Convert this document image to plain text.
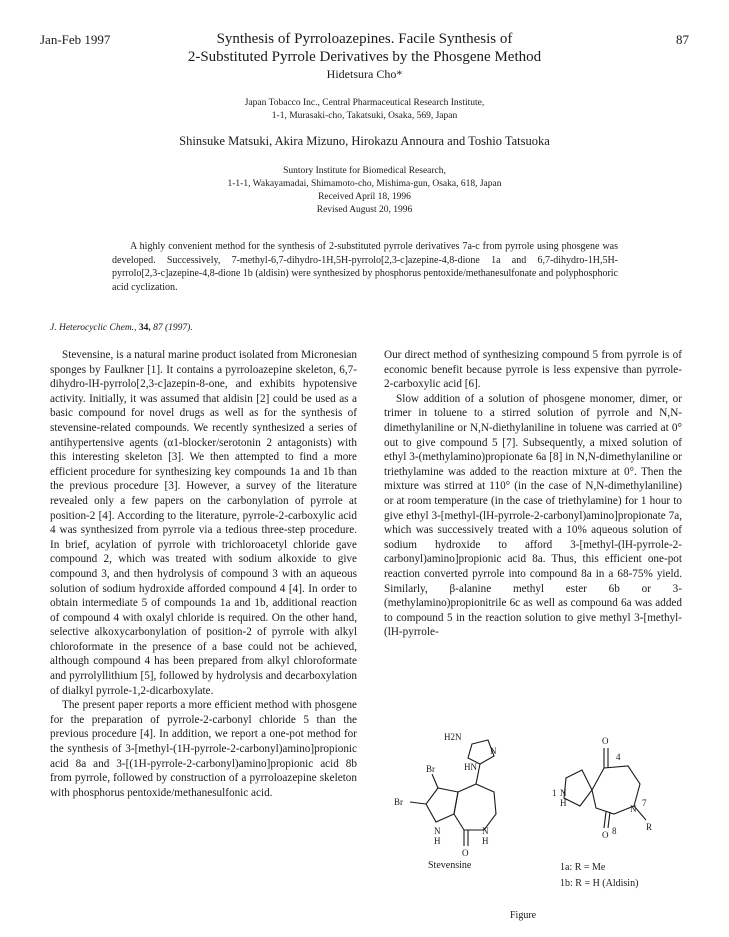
Jan-Feb 1997	87
Synthesis of Pyrroloazepines. Facile Synthesis of
2-Substituted Pyrrole Derivatives by the Phosgene Method
Hidetsura Cho*
Japan Tobacco Inc., Central Pharmaceutical Research Institute,
1-1, Murasaki-cho, Takatsuki, Osaka, 569, Japan
Shinsuke Matsuki, Akira Mizuno, Hirokazu Annoura and Toshio Tatsuoka
Suntory Institute for Biomedical Research,
1-1-1, Wakayamadai, Shimamoto-cho, Mishima-gun, Osaka, 618, Japan
Received April 18, 1996
Revised August 20, 1996
A highly convenient method for the synthesis of 2-substituted pyrrole derivatives 7a-c from pyrrole using phosgene was developed. Successively, 7-methyl-6,7-dihydro-1H,5H-pyrrolo[2,3-c]azepine-4,8-dione 1a and 6,7-dihydro-1H,5H-pyrrolo[2,3-c]azepine-4,8-dione 1b (aldisin) were synthesized by phosphorus pentoxide/methanesulfonate and polyphosphoric acid cyclization.
J. Heterocyclic Chem., 34, 87 (1997).

Stevensine, is a natural marine product isolated from Micronesian sponges by Faulkner [1]. It contains a pyrroloazepine skeleton, 6,7-dihydro-lH-pyrrolo[2,3-c]azepin-8-one, and exhibits hypotensive activity. Initially, it was assumed that aldisin [2] could be used as a basic compound for novel drugs as well as for the synthesis of stevensine-related compounds. We recently synthesized a series of antihypertensive agents (α1-blocker/serotonin 2 antagonists) with this interesting skeleton [3]. We then attempted to find a more efficient procedure for synthesizing key compounds 1a and 1b than the previous procedure [3]. However, a survey of the literature revealed only a few papers on the carbonylation of pyrrole at position-2 [4]. According to the literature, pyrrole-2-carboxylic acid 4 was synthesized from pyrrole via a tedious three-step procedure. In brief, acylation of pyrrole with trichloroacetyl chloride gave compound 2, which was treated with sodium alkoxide to give compound 3, and then hydrolysis of compound 3 with an aqueous solution of sodium hydroxide afforded compound 4 [4]. In order to obtain intermediate 5 of compounds 1a and 1b, additional reaction of compound 4 with oxalyl chloride is required. On the other hand, selective alkoxycarbonylation of position-2 of pyrrole with alkyl chloroformate in the presence of a base could not be achieved, although compound 4 has been prepared from alkyl chloroformate and pyrrolyllithium [5], followed by hydrolysis and decarboxylation of dialkyl pyrrole-1,2-dicarboxylate.

The present paper reports a more efficient method with phosgene for the preparation of pyrrole-2-carbonyl chloride 5 than the previous procedure [4]. In addition, we report a one-pot method for the synthesis of 3-[methyl-(1H-pyrrole-2-carbonyl)amino]propionic acid 8a and 3-[(1H-pyrrole-2-carbonyl)amino]propionic acid 8b from pyrrole, followed by construction of a pyrroloazepine skeleton with phosphorus pentoxide/methanesulfonic acid.

Our direct method of synthesizing compound 5 from pyrrole is of economic benefit because pyrrole is less expensive than pyrrole-2-carboxylic acid [6].

Slow addition of a solution of phosgene monomer, dimer, or trimer in toluene to a stirred solution of pyrrole and N,N-dimethylaniline or N,N-diethylaniline in toluene was carried at 0° out to give compound 5 [7]. Subsequently, a mixed solution of ethyl 3-(methylamino)propionate 6a [8] in N,N-dimethylaniline or triethylamine was added to the reaction mixture at 0°. Then the mixture was stirred at 110° (in the case of N,N-dimethylaniline) or at room temperature (in the case of triethylamine) for 1 hour to give ethyl 3-[methyl-(lH-pyrrole-2-carbonyl)amino]propionate 7a, which was successively treated with a 10% aqueous solution of sodium hydroxide to afford 3-[methyl-(lH-pyrrole-2-carbonyl)amino]propionic acid 8a. Thus, this efficient one-pot reaction converted pyrrole into compound 8a in a 68-75% yield. Similarly, β-alanine methyl ester 6b or 3-(methylamino)propionitrile 6c as well as compound 6a was added to compound 5 in the reaction solution to give methyl 3-[methyl-(lH-pyrrole-

H2N
N
HN
Br
Br
N
H
O
N
H
O
4
N
1
H
O 8
N
7
R
Stevensine	1a: R = Me
1b: R = H (Aldisin)
Figure
